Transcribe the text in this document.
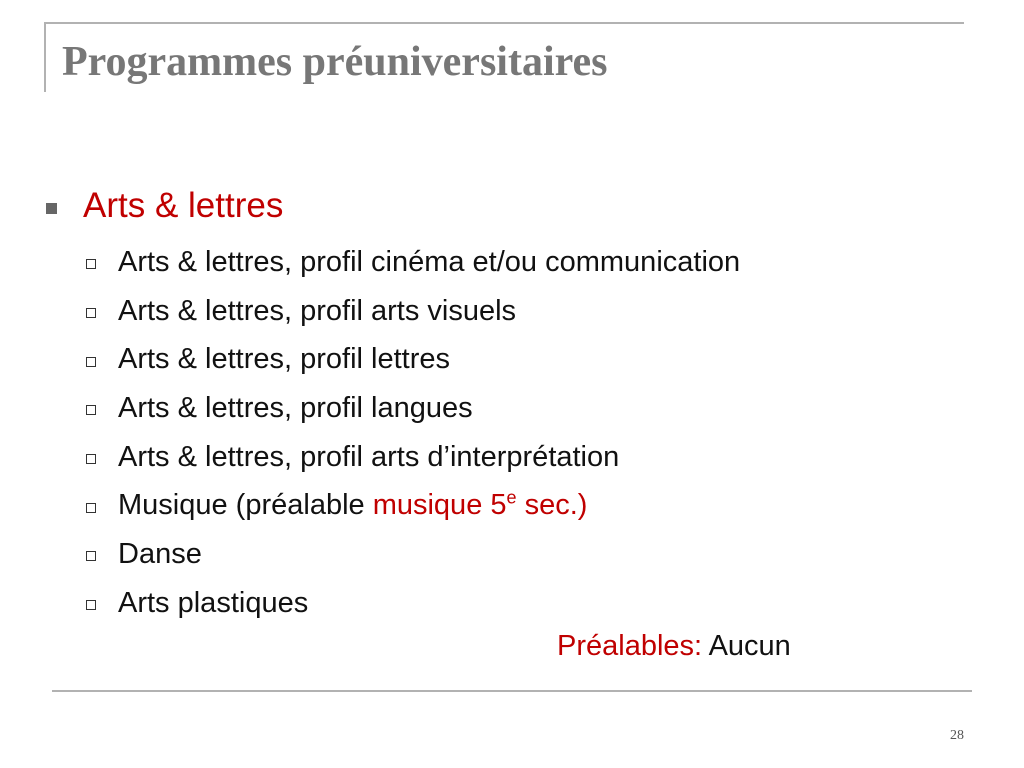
Programmes préuniversitaires
Arts & lettres
Arts & lettres, profil cinéma et/ou communication
Arts & lettres, profil arts visuels
Arts & lettres, profil lettres
Arts & lettres, profil langues
Arts & lettres, profil arts d’interprétation
Musique (préalable musique 5e sec.)
Danse
Arts plastiques
Préalables: Aucun
28
